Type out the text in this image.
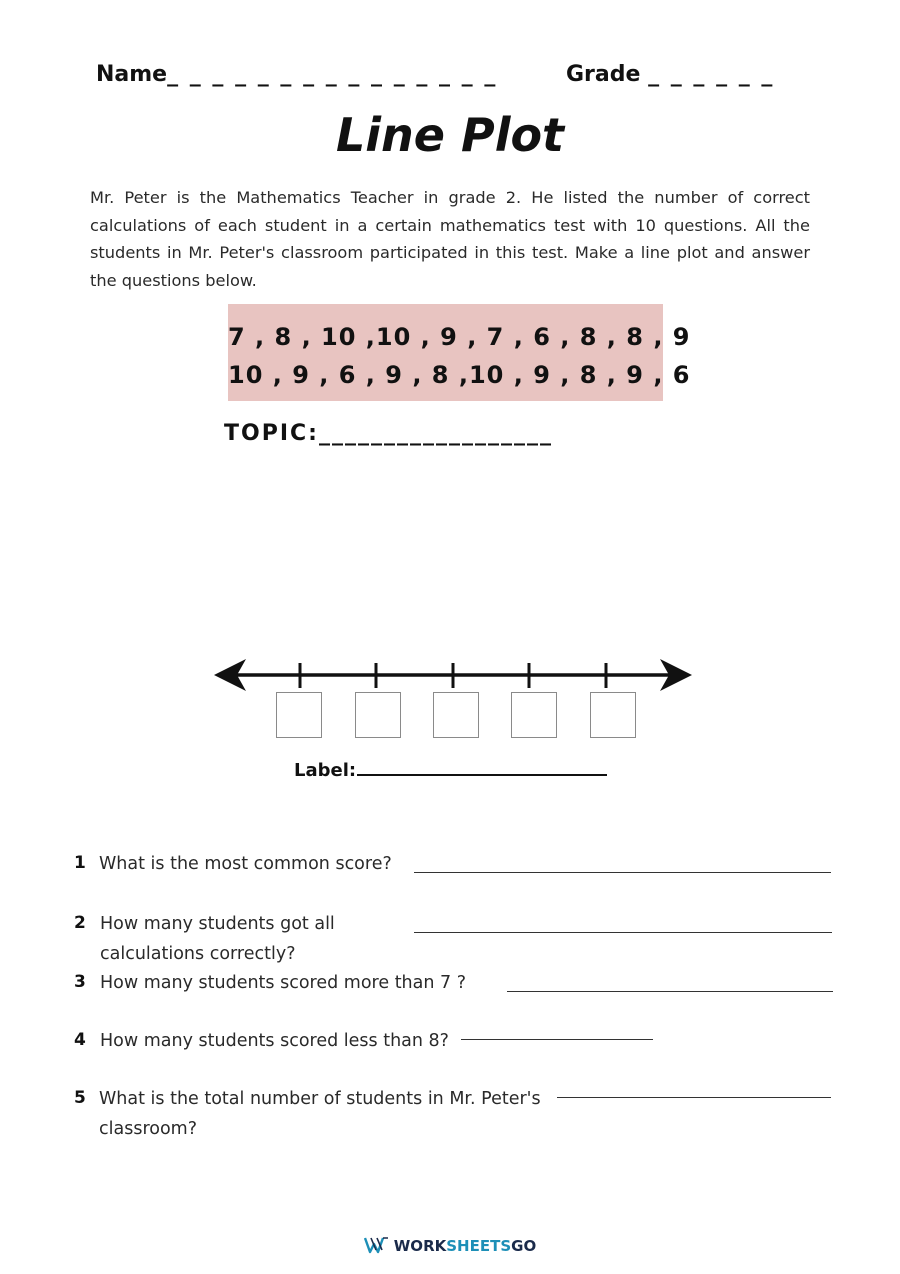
Name_ _ _ _ _ _ _ _ _ _ _ _ _ _ _	Grade _ _ _ _ _ _
Line Plot
Mr. Peter is the Mathematics Teacher in grade 2. He listed the number of correct calculations of each student in a certain mathematics test with 10 questions. All the students in Mr. Peter's classroom participated in this test. Make a line plot and answer the questions below.
7 , 8 , 10 ,10 , 9 , 7 , 6 , 8 , 8 , 9
10 , 9 , 6 , 9 , 8 ,10 , 9 , 8 , 9 , 6
TOPIC:__________________
Label:
1 What is the most common score?
2 How many students got all
calculations correctly?
3 How many students scored more than 7 ?
4 How many students scored less than 8?
5 What is the total number of students in Mr. Peter's
classroom?
WORKSHEETSGO
